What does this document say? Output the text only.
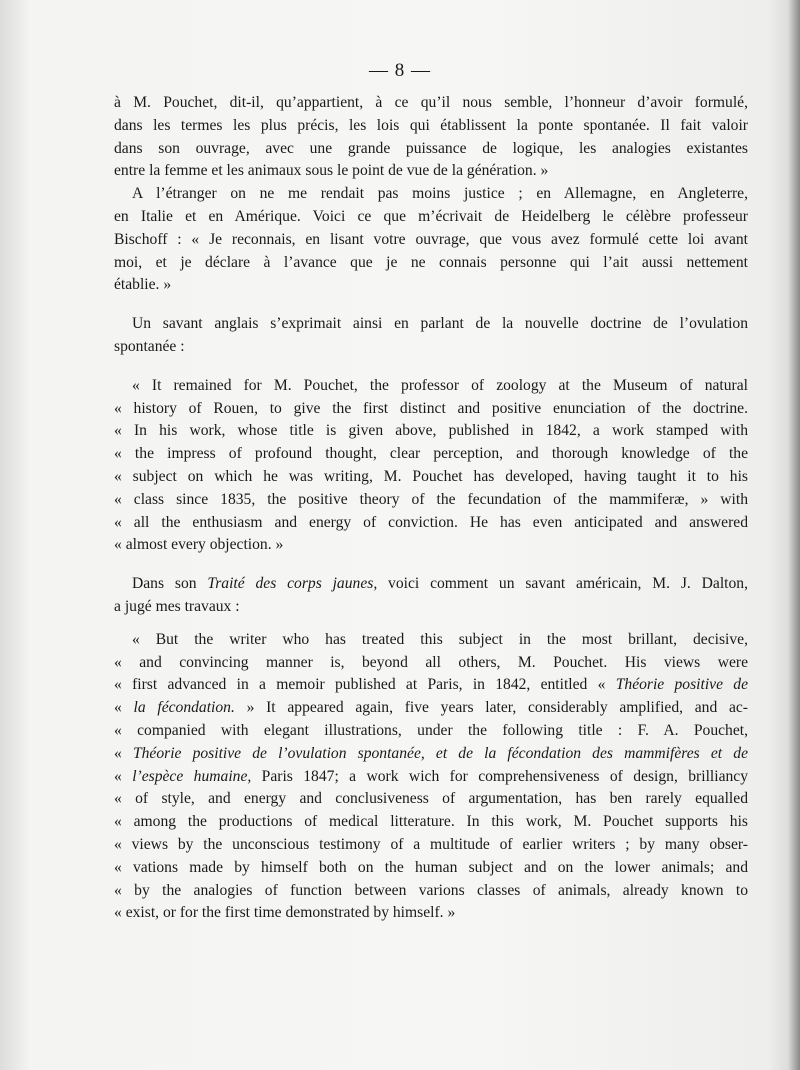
— 8 —

à M. Pouchet, dit-il, qu’appartient, à ce qu’il nous semble, l’honneur d’avoir formulé,
dans les termes les plus précis, les lois qui établissent la ponte spontanée. Il fait valoir
dans son ouvrage, avec une grande puissance de logique, les analogies existantes
entre la femme et les animaux sous le point de vue de la génération. »

A l’étranger on ne me rendait pas moins justice ; en Allemagne, en Angleterre,
en Italie et en Amérique. Voici ce que m’écrivait de Heidelberg le célèbre professeur
Bischoff : « Je reconnais, en lisant votre ouvrage, que vous avez formulé cette loi avant
moi, et je déclare à l’avance que je ne connais personne qui l’ait aussi nettement
établie. »

Un savant anglais s’exprimait ainsi en parlant de la nouvelle doctrine de l’ovulation
spontanée :

« It remained for M. Pouchet, the professor of zoology at the Museum of natural
« history of Rouen, to give the first distinct and positive enunciation of the doctrine.
« In his work, whose title is given above, published in 1842, a work stamped with
« the impress of profound thought, clear perception, and thorough knowledge of the
« subject on which he was writing, M. Pouchet has developed, having taught it to his
« class since 1835, the positive theory of the fecundation of the mammiferæ, » with
« all the enthusiasm and energy of conviction. He has even anticipated and answered
« almost every objection. »

Dans son Traité des corps jaunes, voici comment un savant américain, M. J. Dalton,
a jugé mes travaux :

« But the writer who has treated this subject in the most brillant, decisive,
« and convincing manner is, beyond all others, M. Pouchet. His views were
« first advanced in a memoir published at Paris, in 1842, entitled « Théorie positive de
« la fécondation. » It appeared again, five years later, considerably amplified, and ac-
« companied with elegant illustrations, under the following title : F. A. Pouchet,
« Théorie positive de l’ovulation spontanée, et de la fécondation des mammifères et de
« l’espèce humaine, Paris 1847; a work wich for comprehensiveness of design, brilliancy
« of style, and energy and conclusiveness of argumentation, has ben rarely equalled
« among the productions of medical litterature. In this work, M. Pouchet supports his
« views by the unconscious testimony of a multitude of earlier writers ; by many obser-
« vations made by himself both on the human subject and on the lower animals; and
« by the analogies of function between varions classes of animals, already known to
« exist, or for the first time demonstrated by himself. »
